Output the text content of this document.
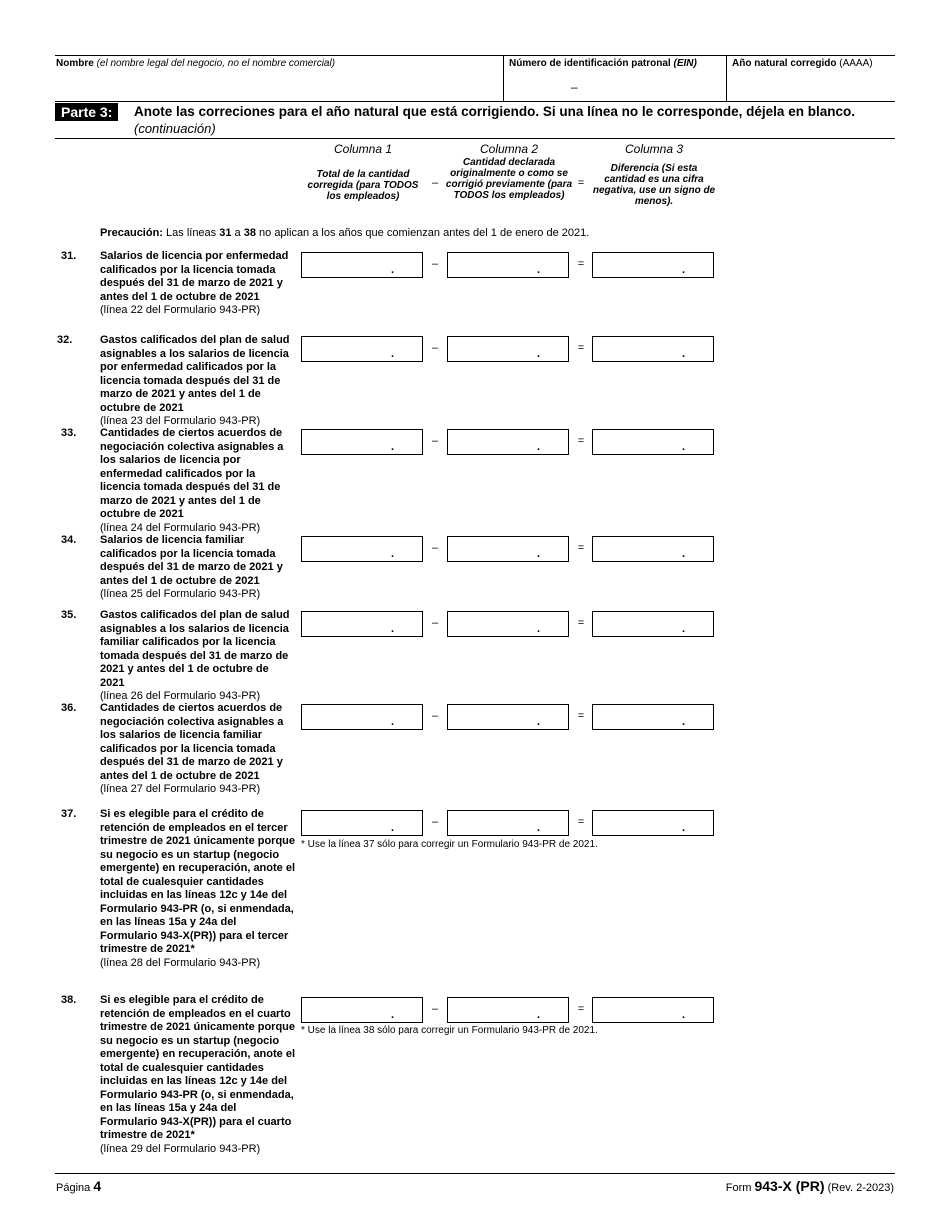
Nombre (el nombre legal del negocio, no el nombre comercial)	Número de identificación patronal (EIN)
–
Año natural corregido (AAAA)
Parte 3:	Anote las correciones para el año natural que está corrigiendo. Si una línea no le corresponde, déjela en blanco.
(continuación)
Columna 1	Columna 2	Columna 3
Total de la cantidad corregida (para TODOS los empleados)
–
Cantidad declarada originalmente o como se corrigió previamente (para TODOS los empleados)
=
Diferencia (Si esta cantidad es una cifra negativa, use un signo de menos).
Precaución: Las líneas 31 a 38 no aplican a los años que comienzan antes del 1 de enero de 2021.
31. Salarios de licencia por enfermedad calificados por la licencia tomada después del 31 de marzo de 2021 y antes del 1 de octubre de 2021
(línea 22 del Formulario 943-PR)
.	–	.	=	.
32.	Gastos calificados del plan de salud asignables a los salarios de licencia por enfermedad calificados por la licencia tomada después del 31 de marzo de 2021 y antes del 1 de octubre de 2021
(línea 23 del Formulario 943-PR)
.	–	.	=	.
33. Cantidades de ciertos acuerdos de negociación colectiva asignables a los salarios de licencia por enfermedad calificados por la licencia tomada después del 31 de marzo de 2021 y antes del 1 de octubre de 2021
(línea 24 del Formulario 943-PR)
.	–	.	=	.
34. Salarios de licencia familiar calificados por la licencia tomada después del 31 de marzo de 2021 y antes del 1 de octubre de 2021
(línea 25 del Formulario 943-PR)
.	–	.	=	.
35. Gastos calificados del plan de salud asignables a los salarios de licencia familiar calificados por la licencia tomada después del 31 de marzo de 2021 y antes del 1 de octubre de 2021
(línea 26 del Formulario 943-PR)
.	–	.	=	.
36. Cantidades de ciertos acuerdos de negociación colectiva asignables a los salarios de licencia familiar calificados por la licencia tomada después del 31 de marzo de 2021 y antes del 1 de octubre de 2021
(línea 27 del Formulario 943-PR)
.	–	.	=	.
37. Si es elegible para el crédito de retención de empleados en el tercer trimestre de 2021 únicamente porque su negocio es un startup (negocio emergente) en recuperación, anote el total de cualesquier cantidades incluidas en las líneas 12c y 14e del Formulario 943-PR (o, si enmendada, en las líneas 15a y 24a del Formulario 943-X(PR)) para el tercer trimestre de 2021*
(línea 28 del Formulario 943-PR)
.	–	.	=	.
* Use la línea 37 sólo para corregir un Formulario 943-PR de 2021.
38. Si es elegible para el crédito de retención de empleados en el cuarto trimestre de 2021 únicamente porque su negocio es un startup (negocio emergente) en recuperación, anote el total de cualesquier cantidades incluidas en las líneas 12c y 14e del Formulario 943-PR (o, si enmendada, en las líneas 15a y 24a del Formulario 943-X(PR)) para el cuarto trimestre de 2021*
(línea 29 del Formulario 943-PR)
.	–	.	=	.
* Use la línea 38 sólo para corregir un Formulario 943-PR de 2021.
Página 4	Form 943-X (PR) (Rev. 2-2023)
